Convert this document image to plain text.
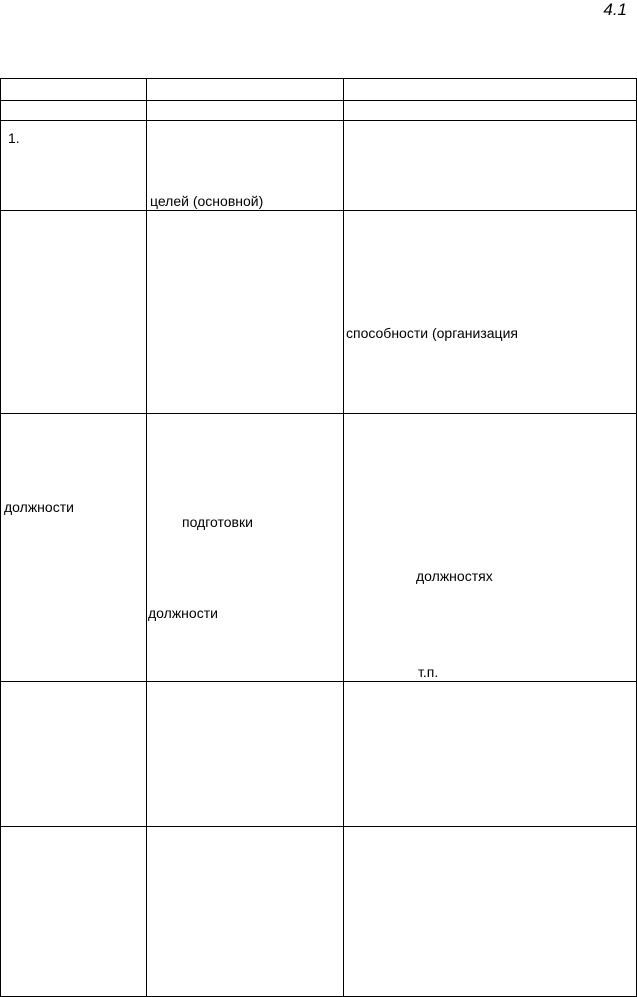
4.1
1.
целей (основной)
способности (организация
должности
подготовки
должности
должностях
т.п.
